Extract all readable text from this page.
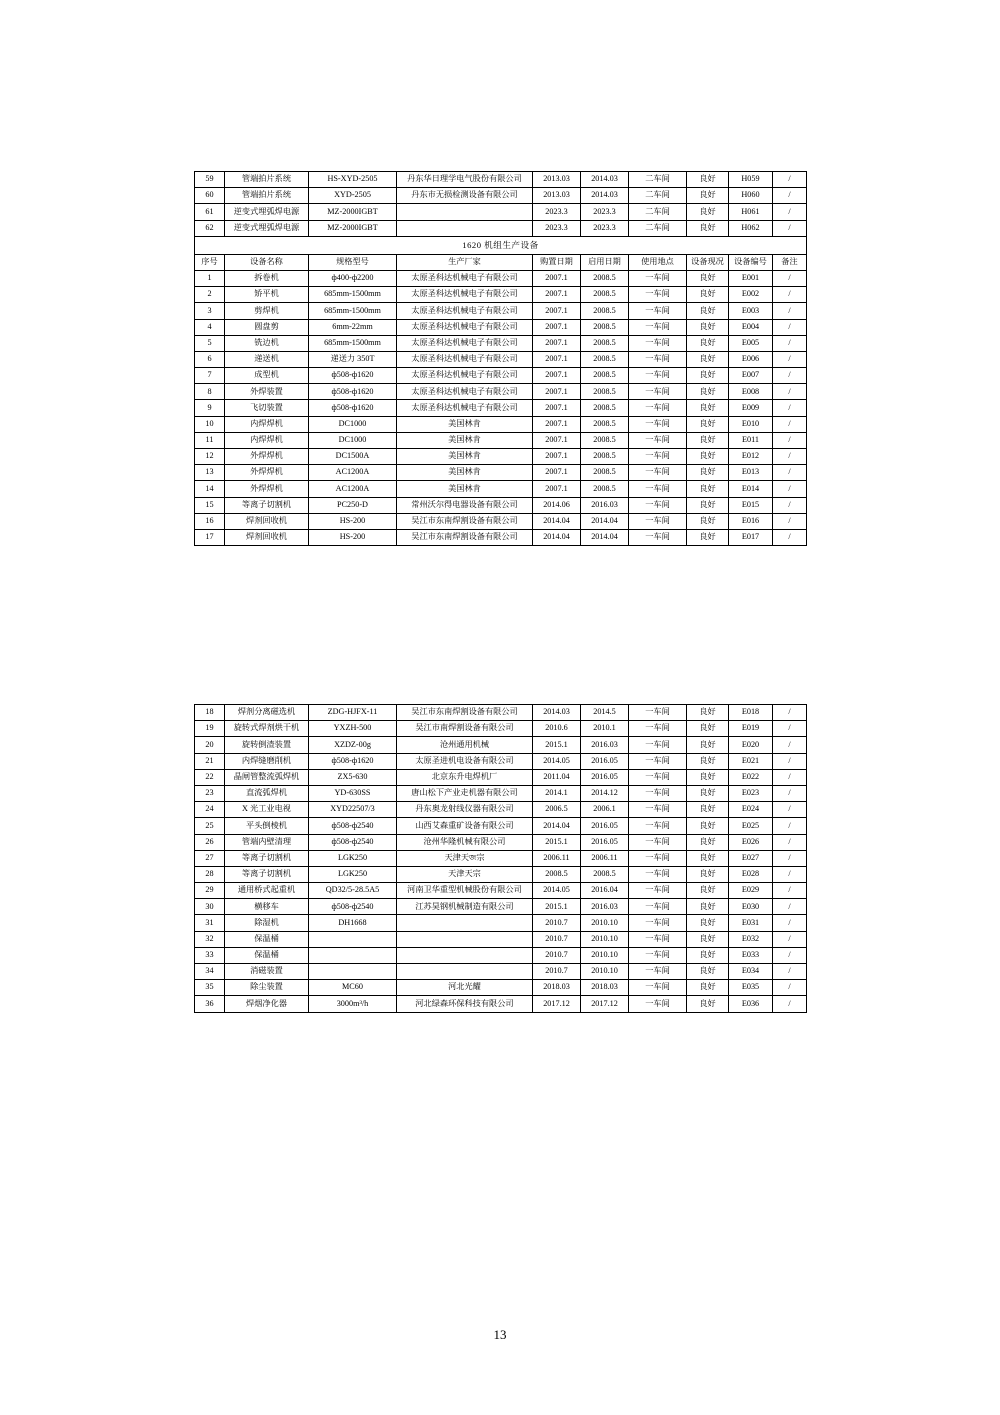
59	管端拍片系统	HS-XYD-2505	丹东华日理学电气股份有限公司	2013.03	2014.03	二车间	良好	H059	/
60	管端拍片系统	XYD-2505	丹东市无损检测设备有限公司	2013.03	2014.03	二车间	良好	H060	/
61	逆变式埋弧焊电源	MZ-2000IGBT		2023.3	2023.3	二车间	良好	H061	/
62	逆变式埋弧焊电源	MZ-2000IGBT		2023.3	2023.3	二车间	良好	H062	/
1620 机组生产设备									
序号	设备名称	规格型号	生产厂家	购置日期	启用日期	使用地点	设备现况	设备编号	备注
1	拆卷机	ф400-ф2200	太原圣科达机械电子有限公司	2007.1	2008.5	一车间	良好	E001	/
2	矫平机	685mm-1500mm	太原圣科达机械电子有限公司	2007.1	2008.5	一车间	良好	E002	/
3	剪焊机	685mm-1500mm	太原圣科达机械电子有限公司	2007.1	2008.5	一车间	良好	E003	/
4	圆盘剪	6mm-22mm	太原圣科达机械电子有限公司	2007.1	2008.5	一车间	良好	E004	/
5	铣边机	685mm-1500mm	太原圣科达机械电子有限公司	2007.1	2008.5	一车间	良好	E005	/
6	递送机	递送力 350T	太原圣科达机械电子有限公司	2007.1	2008.5	一车间	良好	E006	/
7	成型机	ф508-ф1620	太原圣科达机械电子有限公司	2007.1	2008.5	一车间	良好	E007	/
8	外焊装置	ф508-ф1620	太原圣科达机械电子有限公司	2007.1	2008.5	一车间	良好	E008	/
9	飞切装置	ф508-ф1620	太原圣科达机械电子有限公司	2007.1	2008.5	一车间	良好	E009	/
10	内焊焊机	DC1000	美国林肯	2007.1	2008.5	一车间	良好	E010	/
11	内焊焊机	DC1000	美国林肯	2007.1	2008.5	一车间	良好	E011	/
12	外焊焊机	DC1500A	美国林肯	2007.1	2008.5	一车间	良好	E012	/
13	外焊焊机	AC1200A	美国林肯	2007.1	2008.5	一车间	良好	E013	/
14	外焊焊机	AC1200A	美国林肯	2007.1	2008.5	一车间	良好	E014	/
15	等离子切割机	PC250-D	常州沃尔得电器设备有限公司	2014.06	2016.03	一车间	良好	E015	/
16	焊剂回收机	HS-200	吴江市东南焊割设备有限公司	2014.04	2014.04	一车间	良好	E016	/
17	焊剂回收机	HS-200	吴江市东南焊割设备有限公司	2014.04	2014.04	一车间	良好	E017	/
18	焊剂分离磁选机	ZDG-HJFX-11	吴江市东南焊割设备有限公司	2014.03	2014.5	一车间	良好	E018	/
19	旋转式焊剂烘干机	YXZH-500	吴江市南焊割设备有限公司	2010.6	2010.1	一车间	良好	E019	/
20	旋转倒渣装置	XZDZ-00g	沧州通用机械	2015.1	2016.03	一车间	良好	E020	/
21	内焊缝磨削机	ф508-ф1620	太原圣进机电设备有限公司	2014.05	2016.05	一车间	良好	E021	/
22	晶闸管整流弧焊机	ZX5-630	北京东升电焊机厂	2011.04	2016.05	一车间	良好	E022	/
23	直流弧焊机	YD-630SS	唐山松下产业走机器有限公司	2014.1	2014.12	一车间	良好	E023	/
24	X 光工业电视	XYD22507/3	丹东奥龙射线仪器有限公司	2006.5	2006.1	一车间	良好	E024	/
25	平头倒棱机	ф508-ф2540	山西艾森重矿设备有限公司	2014.04	2016.05	一车间	良好	E025	/
26	管端内壁清理	ф508-ф2540	沧州华隆机械有限公司	2015.1	2016.05	一车间	良好	E026	/
27	等离子切割机	LGK250	天津天জ宗	2006.11	2006.11	一车间	良好	E027	/
28	等离子切割机	LGK250	天津天宗	2008.5	2008.5	一车间	良好	E028	/
29	通用桥式起重机	QD32/5-28.5A5	河南卫华重型机械股份有限公司	2014.05	2016.04	一车间	良好	E029	/
30	横移车	ф508-ф2540	江苏昊钢机械制造有限公司	2015.1	2016.03	一车间	良好	E030	/
31	除湿机	DH1668		2010.7	2010.10	一车间	良好	E031	/
32	保温桶			2010.7	2010.10	一车间	良好	E032	/
33	保温桶			2010.7	2010.10	一车间	良好	E033	/
34	消磁装置			2010.7	2010.10	一车间	良好	E034	/
35	除尘装置	MC60	河北光耀	2018.03	2018.03	一车间	良好	E035	/
36	焊烟净化器	3000m³/h	河北绿森环保科技有限公司	2017.12	2017.12	一车间	良好	E036	/
13
